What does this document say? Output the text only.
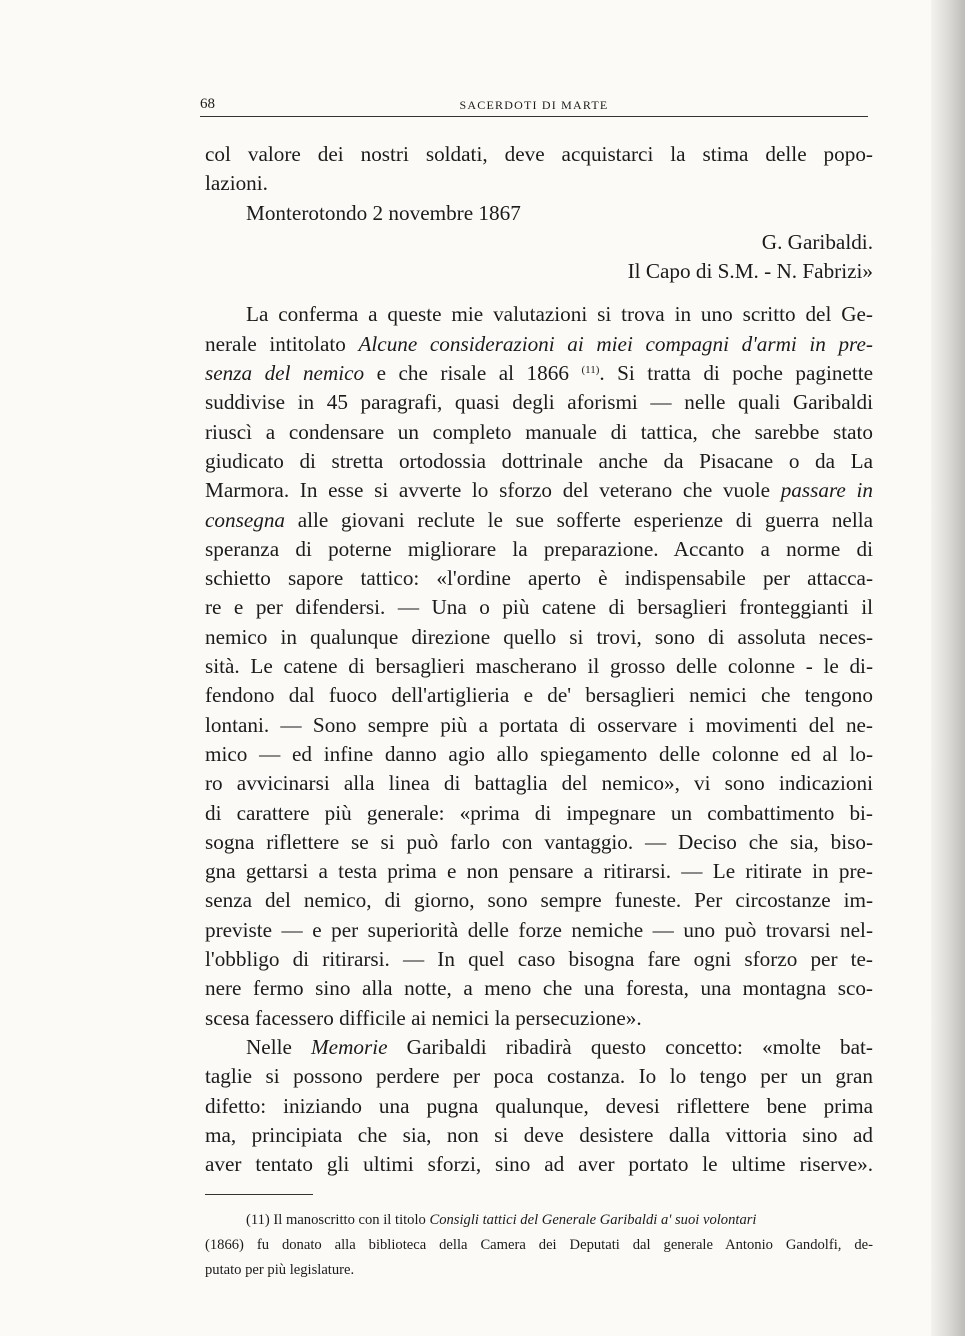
68	SACERDOTI DI MARTE
col valore dei nostri soldati, deve acquistarci la stima delle popo-
lazioni.
Monterotondo 2 novembre 1867
G. Garibaldi.
Il Capo di S.M. - N. Fabrizi»
La conferma a queste mie valutazioni si trova in uno scritto del Ge-
nerale intitolato Alcune considerazioni ai miei compagni d'armi in pre-
senza del nemico e che risale al 1866 $^{(11)}$. Si tratta di poche paginette
suddivise in 45 paragrafi, quasi degli aforismi — nelle quali Garibaldi
riuscì a condensare un completo manuale di tattica, che sarebbe stato
giudicato di stretta ortodossia dottrinale anche da Pisacane o da La
Marmora. In esse si avverte lo sforzo del veterano che vuole passare in
consegna alle giovani reclute le sue sofferte esperienze di guerra nella
speranza di poterne migliorare la preparazione. Accanto a norme di
schietto sapore tattico: «l'ordine aperto è indispensabile per attacca-
re e per difendersi. — Una o più catene di bersaglieri fronteggianti il
nemico in qualunque direzione quello si trovi, sono di assoluta neces-
sità. Le catene di bersaglieri mascherano il grosso delle colonne - le di-
fendono dal fuoco dell'artiglieria e de' bersaglieri nemici che tengono
lontani. — Sono sempre più a portata di osservare i movimenti del ne-
mico — ed infine danno agio allo spiegamento delle colonne ed al lo-
ro avvicinarsi alla linea di battaglia del nemico», vi sono indicazioni
di carattere più generale: «prima di impegnare un combattimento bi-
sogna riflettere se si può farlo con vantaggio. — Deciso che sia, biso-
gna gettarsi a testa prima e non pensare a ritirarsi. — Le ritirate in pre-
senza del nemico, di giorno, sono sempre funeste. Per circostanze im-
previste — e per superiorità delle forze nemiche — uno può trovarsi nel-
l'obbligo di ritirarsi. — In quel caso bisogna fare ogni sforzo per te-
nere fermo sino alla notte, a meno che una foresta, una montagna sco-
scesa facessero difficile ai nemici la persecuzione».
Nelle Memorie Garibaldi ribadirà questo concetto: «molte bat-
taglie si possono perdere per poca costanza. Io lo tengo per un gran
difetto: iniziando una pugna qualunque, devesi riflettere bene prima
ma, principiata che sia, non si deve desistere dalla vittoria sino ad
aver tentato gli ultimi sforzi, sino ad aver portato le ultime riserve».
(11) Il manoscritto con il titolo Consigli tattici del Generale Garibaldi a' suoi volontari
(1866) fu donato alla biblioteca della Camera dei Deputati dal generale Antonio Gandolfi, de-
putato per più legislature.
